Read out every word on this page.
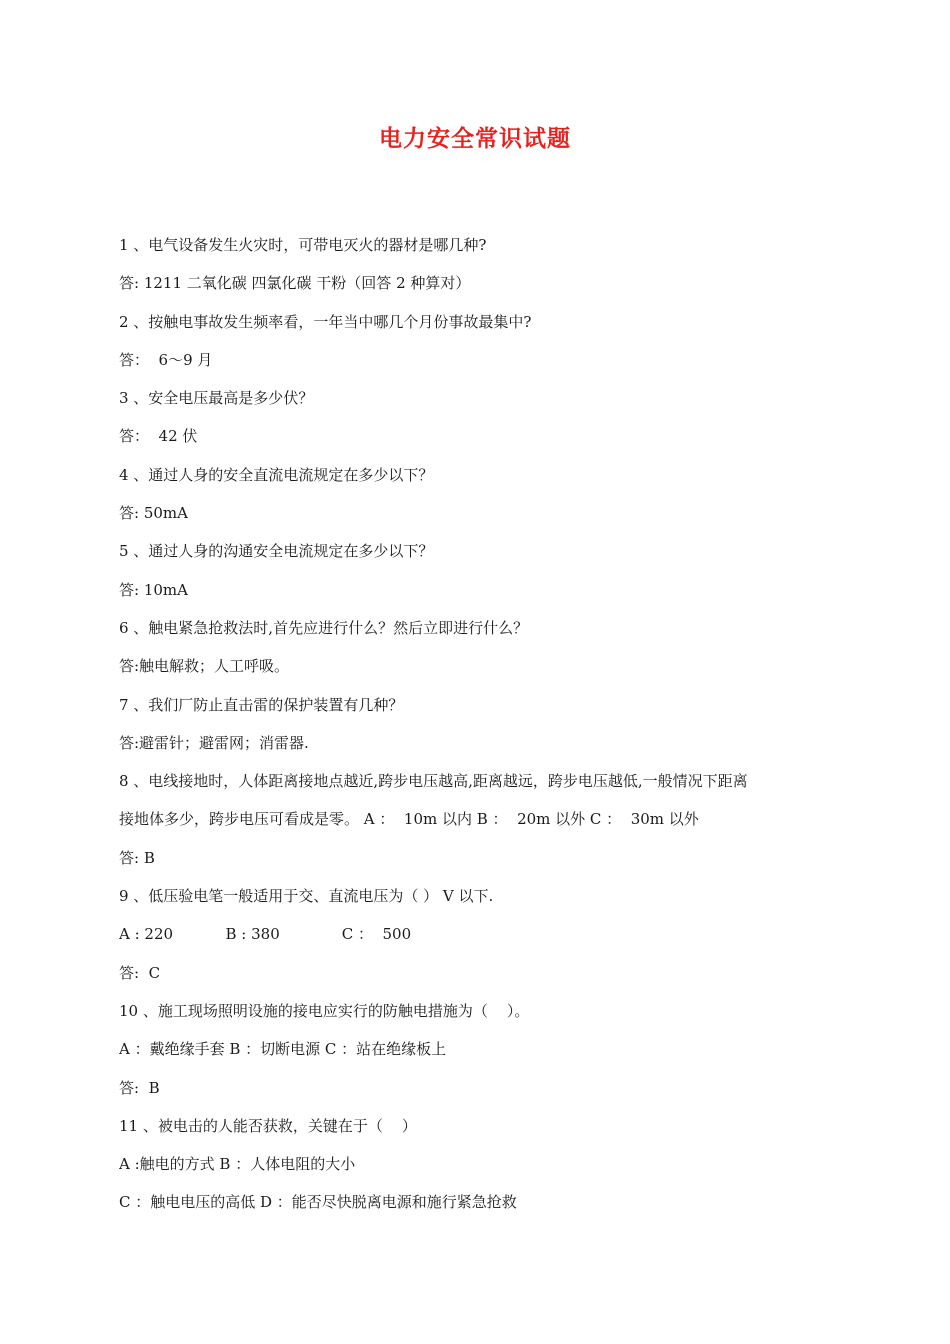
电力安全常识试题
1 、电气设备发生火灾时，可带电灭火的器材是哪几种?
答: 1211 二氧化碳 四氯化碳 干粉（回答 2 种算对）
2 、按触电事故发生频率看，一年当中哪几个月份事故最集中?
答：  6～9 月
3 、安全电压最高是多少伏？
答：  42 伏
4 、通过人身的安全直流电流规定在多少以下？
答: 50mA
5 、通过人身的沟通安全电流规定在多少以下？
答: 10mA
6 、触电紧急抢救法时,首先应进行什么？然后立即进行什么？
答:触电解救；人工呼吸。
7 、我们厂防止直击雷的保护装置有几种？
答:避雷针；避雷网；消雷器.
8 、电线接地时，人体距离接地点越近,跨步电压越高,距离越远，跨步电压越低,一般情况下距离
接地体多少，跨步电压可看成是零。 A ：  10m 以内 B ：  20m 以外 C ：  30m 以外
答: B
9 、低压验电笔一般适用于交、直流电压为（ ） V 以下.
A : 220           B : 380             C ：  500
答:  C
10 、施工现场照明设施的接电应实行的防触电措施为（    ）。
A ：戴绝缘手套 B ：切断电源 C ：站在绝缘板上
答:  B
11 、被电击的人能否获救，关键在于（    ）
A :触电的方式 B ：人体电阻的大小
C ：触电电压的高低 D ：能否尽快脱离电源和施行紧急抢救
